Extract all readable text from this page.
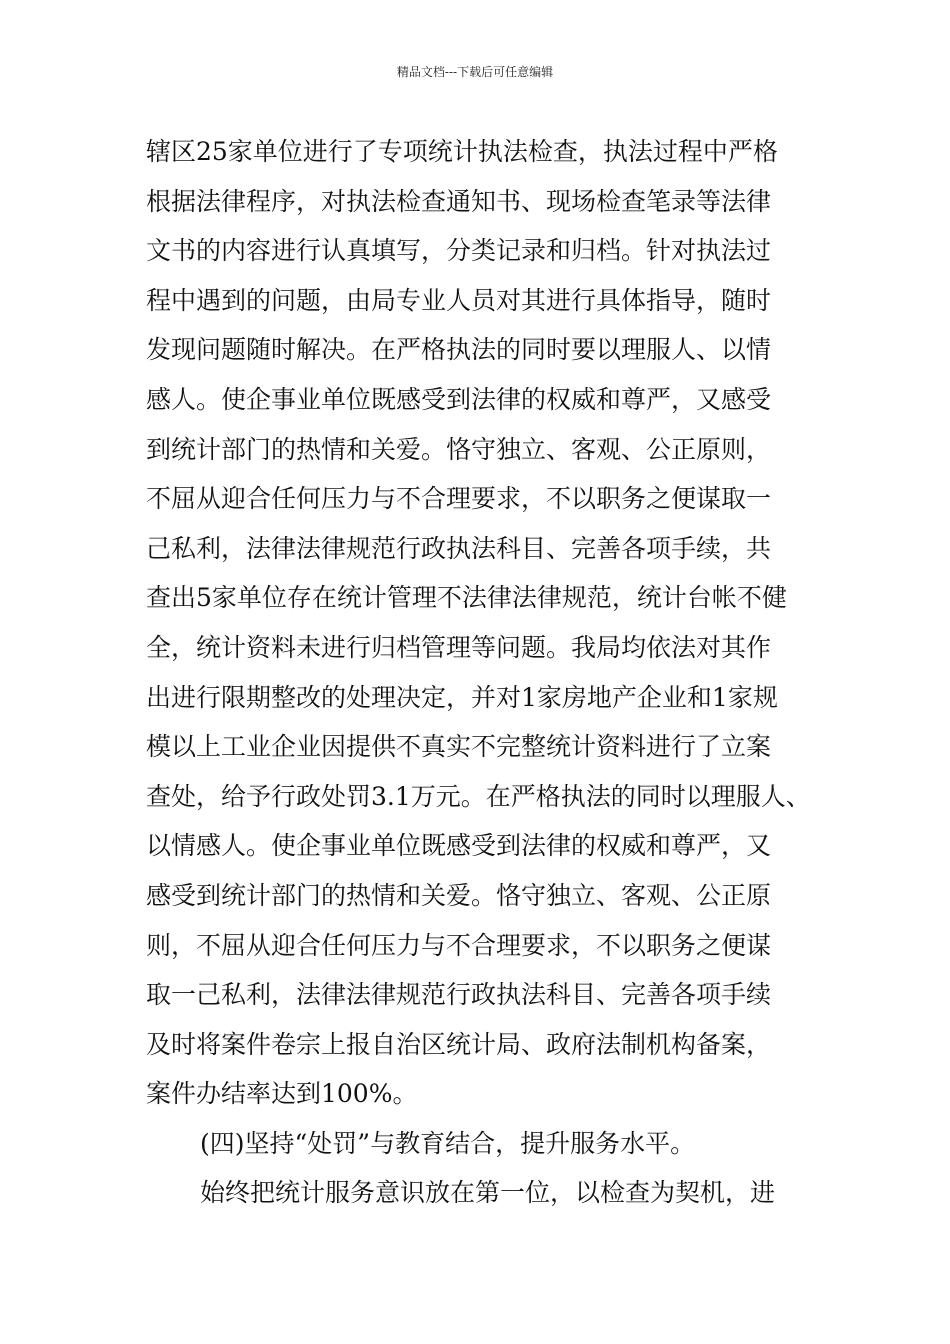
精品文档---下载后可任意编辑
辖区25家单位进行了专项统计执法检查，执法过程中严格
根据法律程序，对执法检查通知书、现场检查笔录等法律
文书的内容进行认真填写，分类记录和归档。针对执法过
程中遇到的问题，由局专业人员对其进行具体指导，随时
发现问题随时解决。在严格执法的同时要以理服人、以情
感人。使企事业单位既感受到法律的权威和尊严，又感受
到统计部门的热情和关爱。恪守独立、客观、公正原则，
不屈从迎合任何压力与不合理要求，不以职务之便谋取一
己私利，法律法律规范行政执法科目、完善各项手续，共
查出5家单位存在统计管理不法律法律规范，统计台帐不健
全，统计资料未进行归档管理等问题。我局均依法对其作
出进行限期整改的处理决定，并对1家房地产企业和1家规
模以上工业企业因提供不真实不完整统计资料进行了立案
查处，给予行政处罚3.1万元。在严格执法的同时以理服人、
以情感人。使企事业单位既感受到法律的权威和尊严，又
感受到统计部门的热情和关爱。恪守独立、客观、公正原
则，不屈从迎合任何压力与不合理要求，不以职务之便谋
取一己私利，法律法律规范行政执法科目、完善各项手续
及时将案件卷宗上报自治区统计局、政府法制机构备案，
案件办结率达到100%。
(四)坚持“处罚”与教育结合，提升服务水平。
始终把统计服务意识放在第一位，以检查为契机，进
